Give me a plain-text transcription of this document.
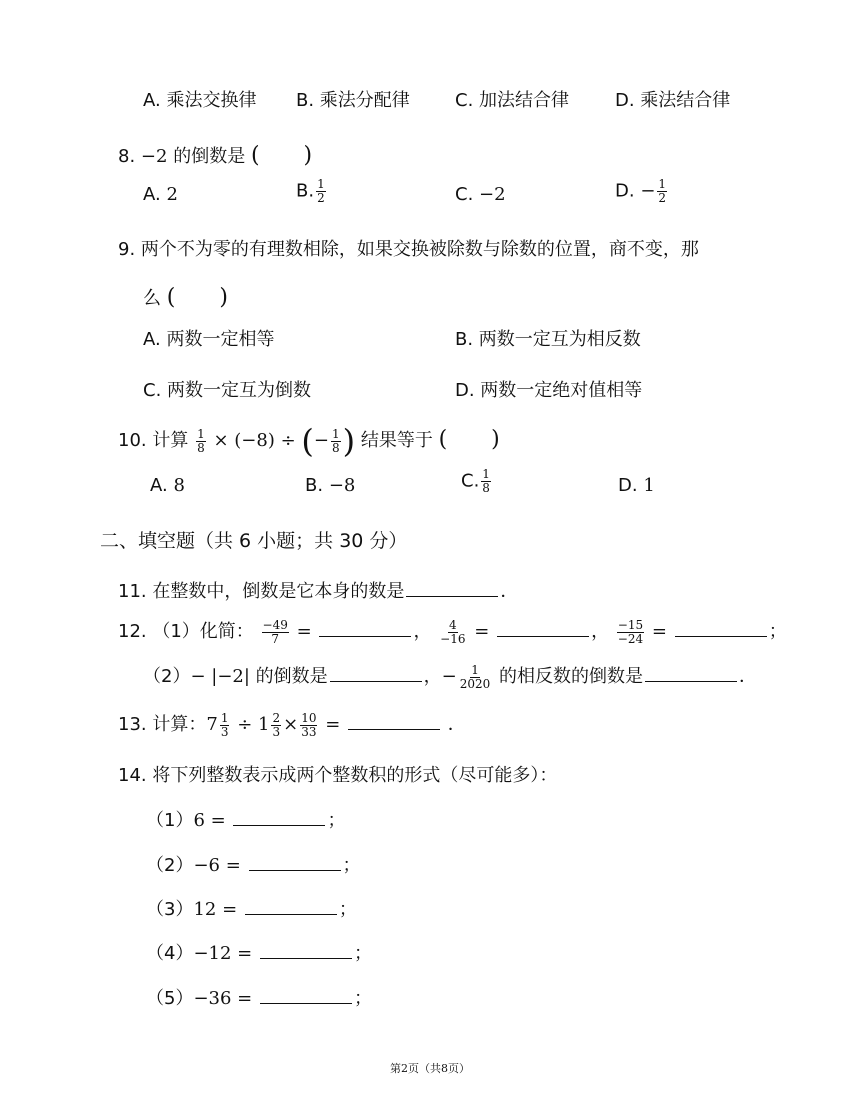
A. 乘法交换律 B. 乘法分配律	C. 加法结合律	D. 乘法结合律
8. −2 的倒数是 (　　)
A. 2	B. $\frac{1}{2}$	C. −2	D. − $\frac{1}{2}$
9. 两个不为零的有理数相除，如果交换被除数与除数的位置，商不变，那
么 (　　)
A. 两数一定相等	B. 两数一定互为相反数
C. 两数一定互为倒数	D. 两数一定绝对值相等
10. 计算 $\frac{1}{8} \times (-8)$ ÷ (− $\frac{1}{8}$ ) 结果等于 (　　)
A. 8	B. −8	C. $\frac{1}{8}$	D. 1
二、填空题（共 6 小题；共 30 分）
11. 在整数中，倒数是它本身的数是	．
12. （1）化简： $\frac{-49}{7}$ =	， $\frac{4}{-16}$ =	， $\frac{-15}{-24}$ =	；
（2）− |−2| 的倒数是	，− $\frac{1}{2020}$ 的相反数的倒数是	．
13. 计算：$7 \frac{1}{3} \div 1 \frac{2}{3} \times \frac{10}{33}$ =	．
14. 将下列整数表示成两个整数积的形式（尽可能多）：
（1）6 =	；
（2）−6 =	；
（3）12 =	；
（4）−12 =	；
（5）−36 =	；
第2页（共8页）
